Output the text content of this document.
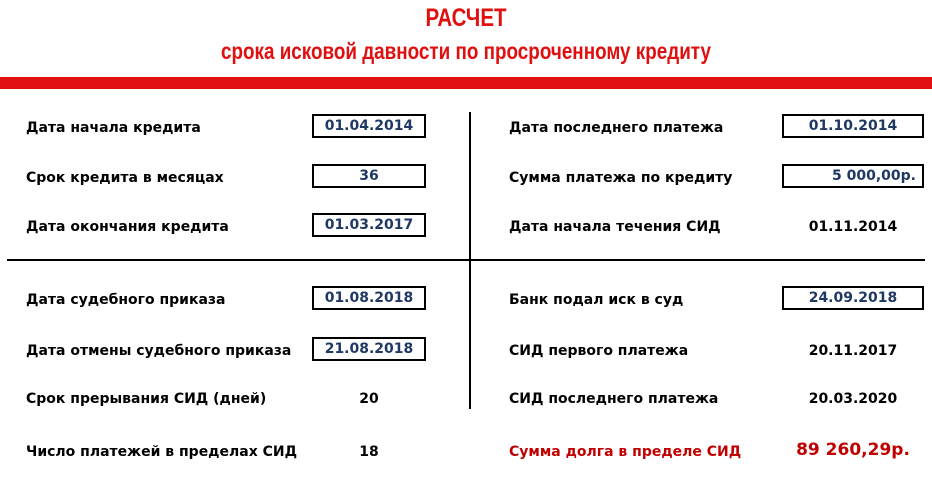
РАСЧЕТ
срока исковой давности по просроченному кредиту
Дата начала кредита	01.04.2014
Срок кредита в месяцах	36
Дата окончания кредита	01.03.2017
Дата последнего платежа	01.10.2014
Сумма платежа по кредиту	5 000,00р.
Дата начала течения СИД	01.11.2014
Дата судебного приказа	01.08.2018
Дата отмены судебного приказа	21.08.2018
Срок прерывания СИД (дней)	20
Число платежей в пределах СИД	18
Банк подал иск в суд	24.09.2018
СИД первого платежа	20.11.2017
СИД последнего платежа	20.03.2020
Сумма долга в пределе СИД	89 260,29р.
